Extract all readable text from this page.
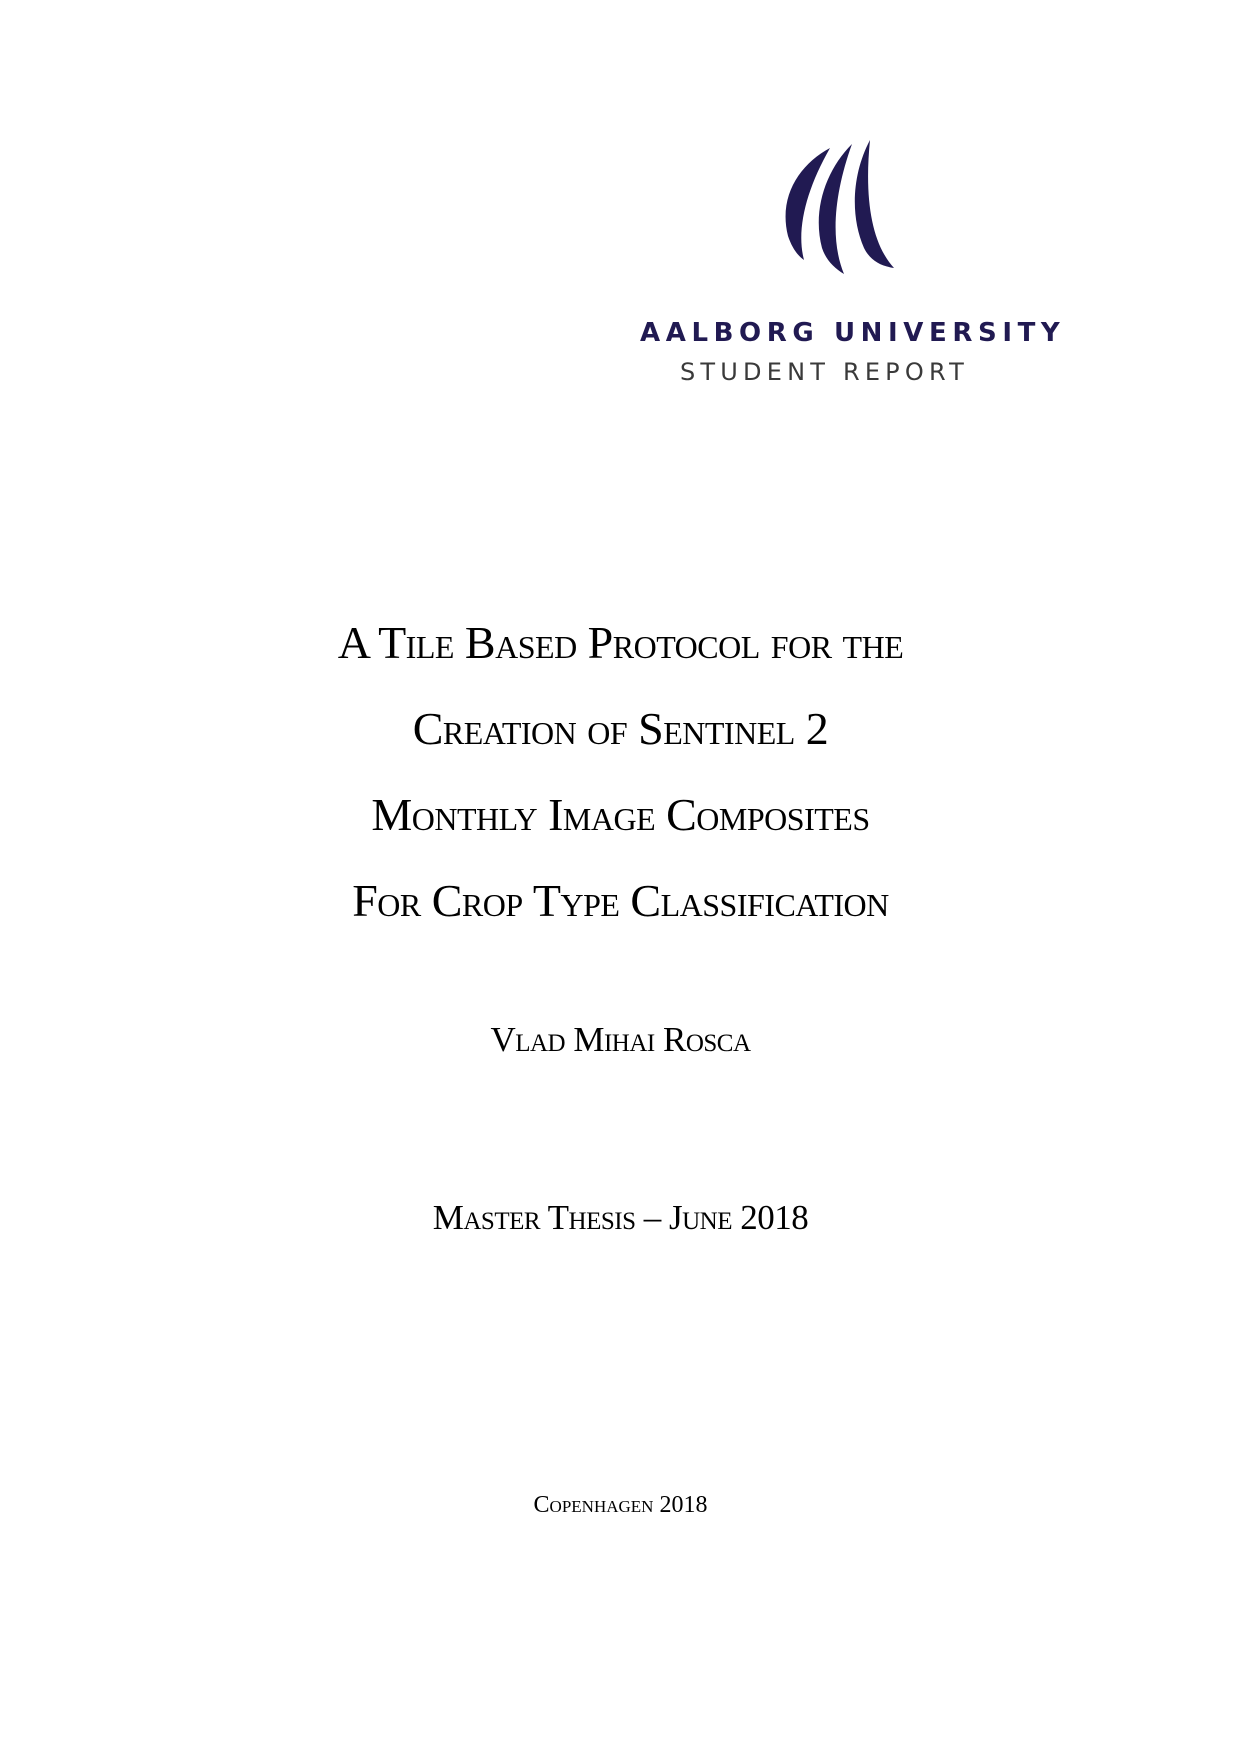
AALBORG UNIVERSITY
STUDENT REPORT
A Tile Based Protocol for the
Creation of Sentinel 2
Monthly Image Composites
For Crop Type Classification
Vlad Mihai Rosca
Master Thesis – June 2018
Copenhagen 2018
